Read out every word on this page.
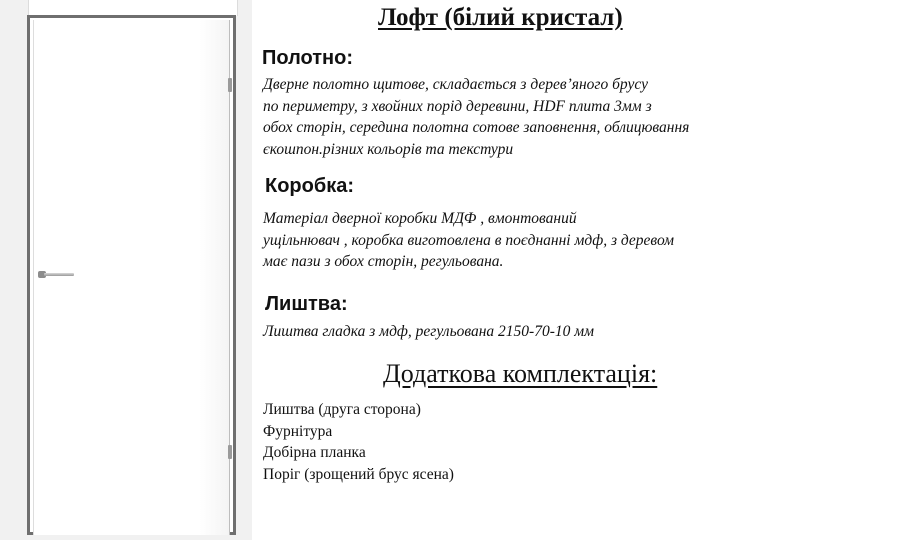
Лофт (білий кристал)
Полотно:
Дверне полотно щитове, складається з дерев’яного брусу
по периметру, з хвойних порід деревини, HDF плита 3мм з
обох сторін, середина полотна сотове заповнення, облицювання
єкошпон.різних кольорів та текстури
Коробка:
Матеріал дверної коробки МДФ , вмонтований
ущільнювач , коробка виготовлена в поєднанні мдф, з деревом
має пази з обох сторін, регульована.
Лиштва:
Лиштва гладка з мдф, регульована 2150-70-10 мм
Додаткова комплектація:
Лиштва (друга сторона)
Фурнітура
Добірна планка
Поріг (зрощений брус ясена)
